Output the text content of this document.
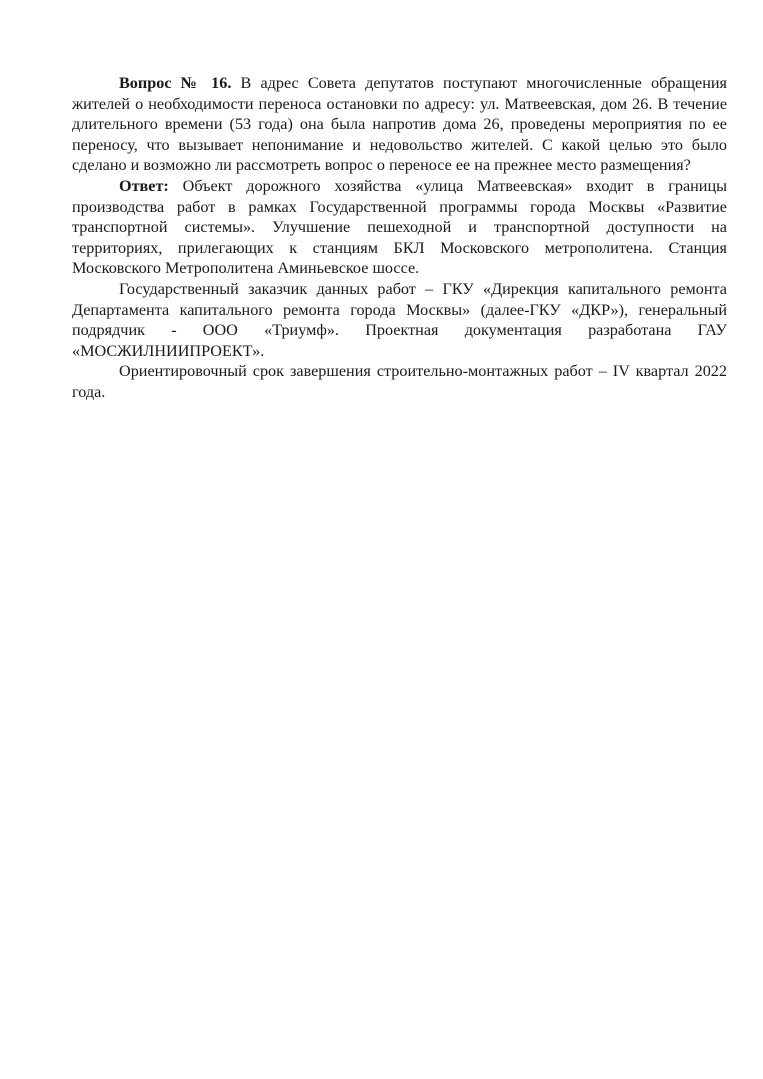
Вопрос № 16. В адрес Совета депутатов поступают многочисленные обращения жителей о необходимости переноса остановки по адресу: ул. Матвеевская, дом 26. В течение длительного времени (53 года) она была напротив дома 26, проведены мероприятия по ее переносу, что вызывает непонимание и недовольство жителей. С какой целью это было сделано и возможно ли рассмотреть вопрос о переносе ее на прежнее место размещения?

Ответ: Объект дорожного хозяйства «улица Матвеевская» входит в границы производства работ в рамках Государственной программы города Москвы «Развитие транспортной системы». Улучшение пешеходной и транспортной доступности на территориях, прилегающих к станциям БКЛ Московского метрополитена. Станция Московского Метрополитена Аминьевское шоссе.

Государственный заказчик данных работ – ГКУ «Дирекция капитального ремонта Департамента капитального ремонта города Москвы» (далее-ГКУ «ДКР»), генеральный подрядчик - ООО «Триумф». Проектная документация разработана ГАУ «МОСЖИЛНИИПРОЕКТ».

Ориентировочный срок завершения строительно-монтажных работ – IV квартал 2022 года.
